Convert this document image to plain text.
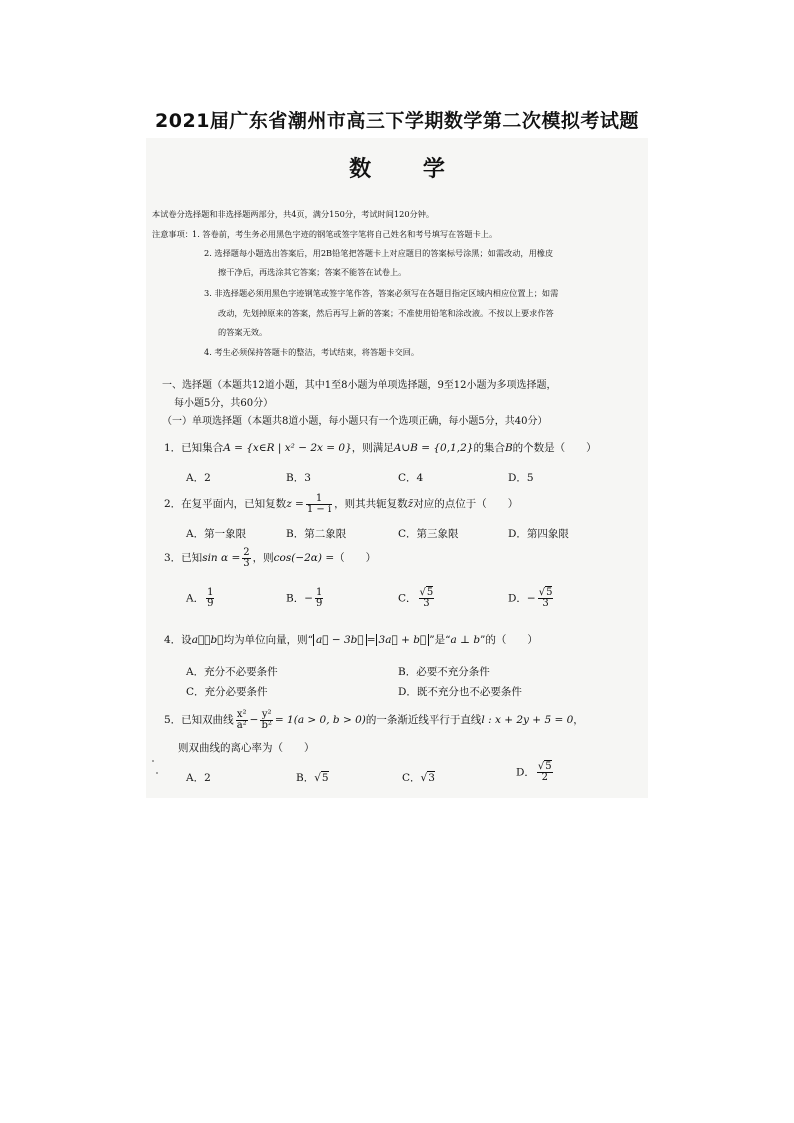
2021届广东省潮州市高三下学期数学第二次模拟考试题
数 学
本试卷分选择题和非选择题两部分，共4页，满分150分，考试时间120分钟。
注意事项： 1. 答卷前，考生务必用黑色字迹的钢笔或签字笔将自己姓名和考号填写在答题卡上。
2. 选择题每小题选出答案后，用2B铅笔把答题卡上对应题目的答案标号涂黑；如需改动，用橡皮
擦干净后，再选涂其它答案；答案不能答在试卷上。
3. 非选择题必须用黑色字迹钢笔或签字笔作答，答案必须写在各题目指定区域内相应位置上；如需
改动，先划掉原来的答案，然后再写上新的答案；不准使用铅笔和涂改液。不按以上要求作答
的答案无效。
4. 考生必须保持答题卡的整洁，考试结束，将答题卡交回。
一、选择题（本题共12道小题，其中1至8小题为单项选择题，9至12小题为多项选择题，
每小题5分，共60分）
（一）单项选择题（本题共8道小题，每小题只有一个选项正确，每小题5分，共40分）
1．已知集合A = {x∈R | x² − 2x = 0}，则满足A∪B = {0,1,2}的集合B的个数是（　　）
A．2	B．3	C．4	D．5
2．在复平面内，已知复数$z = \frac{1}{1 - i}$ ，则其共轭复数z̄对应的点位于（　　）
A．第一象限	B．第二象限	C．第三象限	D．第四象限
3．已知$\sin \alpha = \frac{2}{3}$ ，则cos(−2α) =（　　）
A． $\frac{1}{9}$	B．− $\frac{1}{9}$	C． $\frac{√5}{3}$	D．− $\frac{√5}{3}$
4．设a⃗，b⃗均为单位向量，则“ a⃗ − 3b⃗ = 3a⃗ + b⃗ ”是“a ⊥ b”的（　　）
A．充分不必要条件	B．必要不充分条件
C．充分必要条件	D．既不充分也不必要条件
5．已知双曲线 $\frac{\text{x²}}{\text{a²}} - \frac{\text{y²}}{\text{b²}} = 1(a > 0$, b > 0)的一条渐近线平行于直线l : x + 2y + 5 = 0，
则双曲线的离心率为（　　）
A．2	B．√5	C．√3	D． $\frac{√5}{2}$
